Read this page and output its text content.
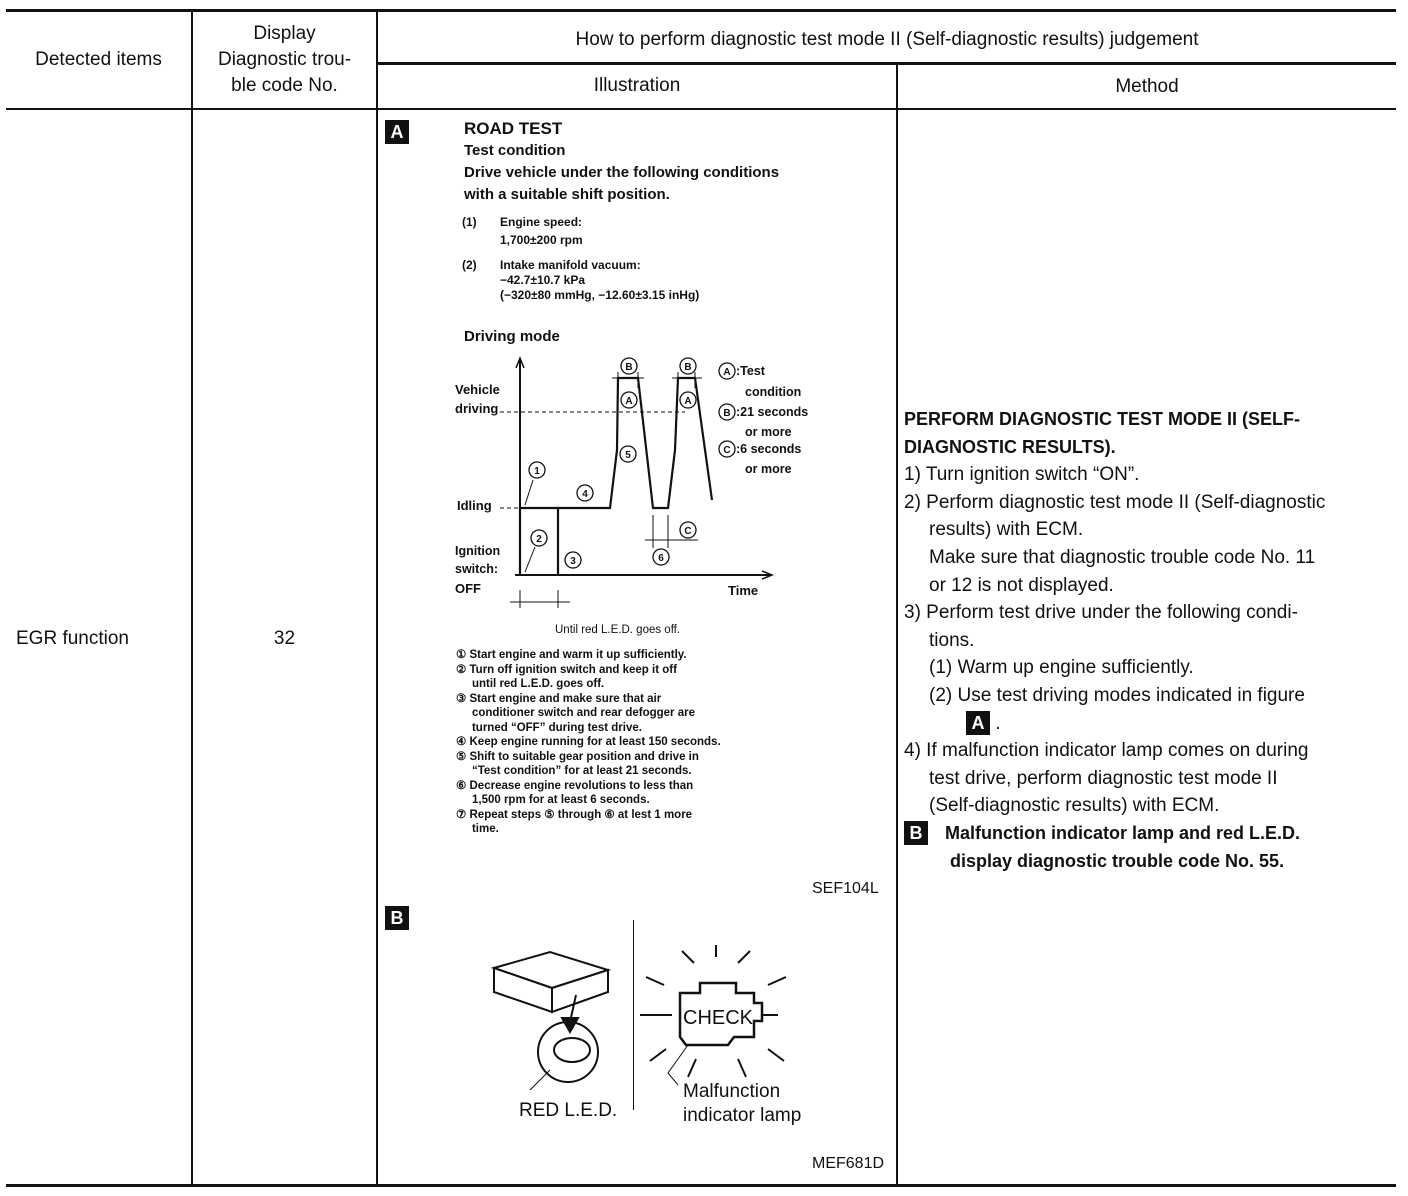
Detected items
Display
Diagnostic trou-
ble code No.
How to perform diagnostic test mode II (Self-diagnostic results) judgement
Illustration	Method
EGR function	32
A	ROAD TEST
Test condition
Drive vehicle under the following conditions
with a suitable shift position.
(1) Engine speed:
1,700±200 rpm
(2) Intake manifold vacuum:
−42.7±10.7 kPa
(−320±80 mmHg, −12.60±3.15 inHg)
Driving mode
1
2
3
4
5
6
A	A
B	B
C
A
B
C
:Test
condition
:21 seconds
or more
:6 seconds
or more
Vehicle
driving
Idling
Ignition
switch:
OFF	Time
Until red L.E.D. goes off.
① Start engine and warm it up sufficiently.
② Turn off ignition switch and keep it off
until red L.E.D. goes off.
③ Start engine and make sure that air
conditioner switch and rear defogger are
turned “OFF” during test drive.
④ Keep engine running for at least 150 seconds.
⑤ Shift to suitable gear position and drive in
“Test condition” for at least 21 seconds.
⑥ Decrease engine revolutions to less than
1,500 rpm for at least 6 seconds.
⑦ Repeat steps ⑤ through ⑥ at lest 1 more
time.
SEF104L
B
RED L.E.D.
CHECK
Malfunction
indicator lamp
MEF681D

PERFORM DIAGNOSTIC TEST MODE II (SELF-

DIAGNOSTIC RESULTS).

1) Turn ignition switch “ON”.

2) Perform diagnostic test mode II (Self-diagnostic

results) with ECM.

Make sure that diagnostic trouble code No. 11

or 12 is not displayed.

3) Perform test drive under the following condi-

tions.

(1) Warm up engine sufficiently.

(2) Use test driving modes indicated in figure

A .

4) If malfunction indicator lamp comes on during

test drive, perform diagnostic test mode II

(Self-diagnostic results) with ECM.

B Malfunction indicator lamp and red L.E.D.

display diagnostic trouble code No. 55.
